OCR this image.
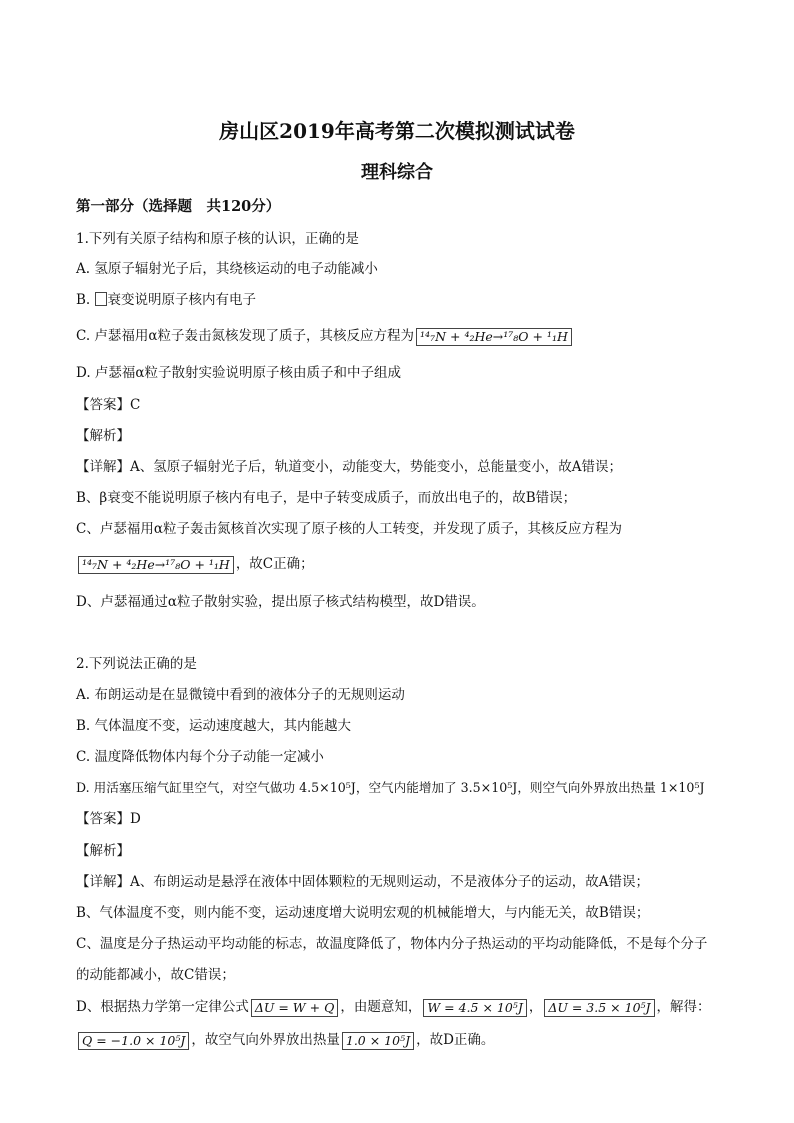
房山区2019年高考第二次模拟测试试卷
理科综合
第一部分（选择题　共120分）
1.下列有关原子结构和原子核的认识，正确的是
A. 氢原子辐射光子后，其绕核运动的电子动能减小
B. 衰变说明原子核内有电子
C. 卢瑟福用α粒子轰击氮核发现了质子，其核反应方程为 ¹⁴₇N + ⁴₂He→¹⁷₈O + ¹₁H
D. 卢瑟福α粒子散射实验说明原子核由质子和中子组成
【答案】C
【解析】
【详解】A、氢原子辐射光子后，轨道变小，动能变大，势能变小，总能量变小，故A错误；
B、β衰变不能说明原子核内有电子，是中子转变成质子，而放出电子的，故B错误；
C、卢瑟福用α粒子轰击氮核首次实现了原子核的人工转变，并发现了质子，其核反应方程为
¹⁴₇N + ⁴₂He→¹⁷₈O + ¹₁H ，故C正确；
D、卢瑟福通过α粒子散射实验，提出原子核式结构模型，故D错误。
2.下列说法正确的是
A. 布朗运动是在显微镜中看到的液体分子的无规则运动
B. 气体温度不变，运动速度越大，其内能越大
C. 温度降低物体内每个分子动能一定减小
D. 用活塞压缩气缸里空气，对空气做功 4.5×10⁵J，空气内能增加了 3.5×10⁵J，则空气向外界放出热量 1×10⁵J
【答案】D
【解析】
【详解】A、布朗运动是悬浮在液体中固体颗粒的无规则运动，不是液体分子的运动，故A错误；
B、气体温度不变，则内能不变，运动速度增大说明宏观的机械能增大，与内能无关，故B错误；
C、温度是分子热运动平均动能的标志，故温度降低了，物体内分子热运动的平均动能降低，不是每个分子
的动能都减小，故C错误；
D、根据热力学第一定律公式 ΔU = W + Q ，由题意知， W = 4.5 × 10⁵J ， ΔU = 3.5 × 10⁵J ，解得：
Q = −1.0 × 10⁵J ，故空气向外界放出热量 1.0 × 10⁵J ，故D正确。
